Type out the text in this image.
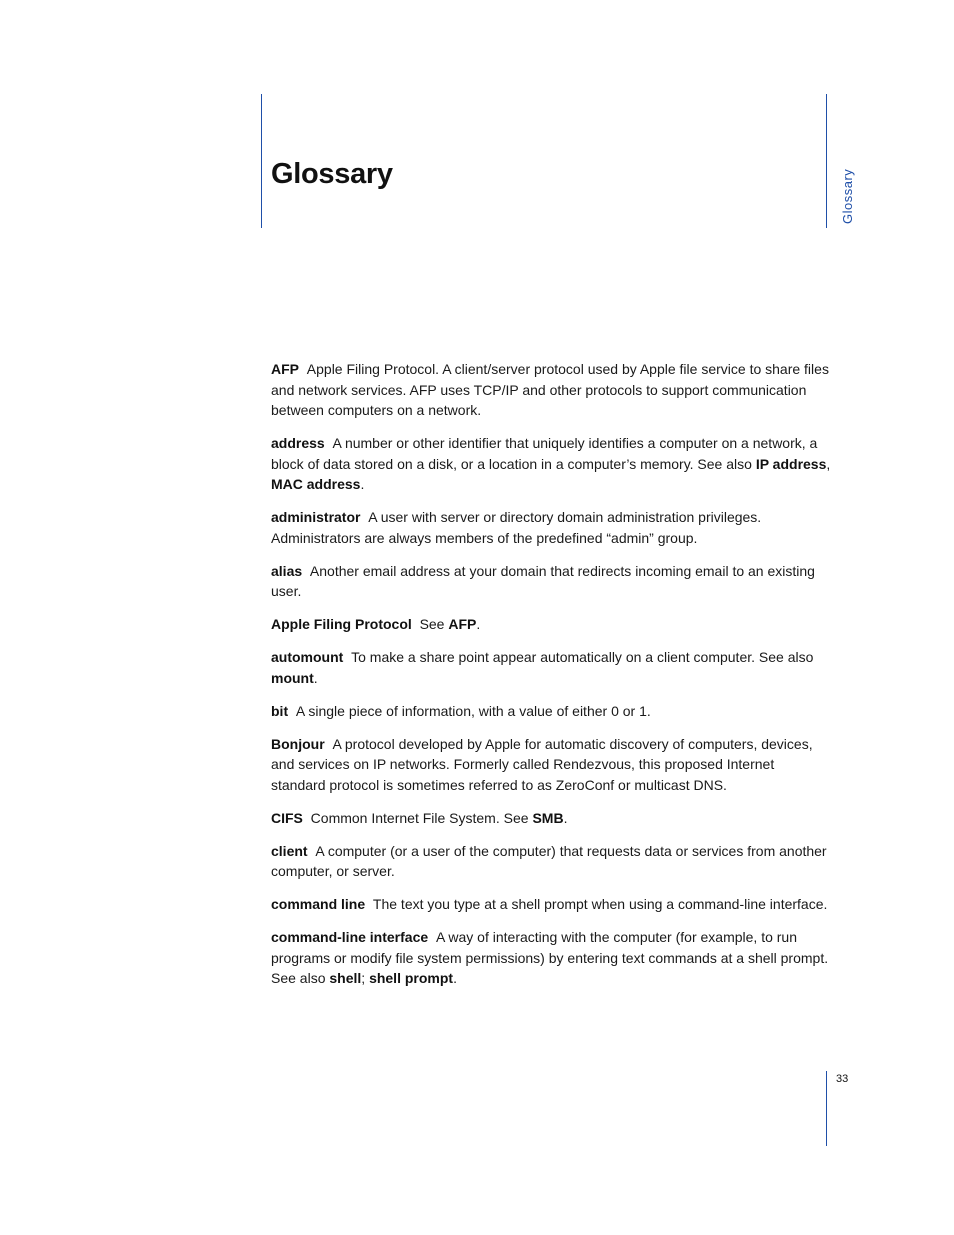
Glossary	Glossary
33

AFP Apple Filing Protocol. A client/server protocol used by Apple file service to share files and network services. AFP uses TCP/IP and other protocols to support communication between computers on a network.

address A number or other identifier that uniquely identifies a computer on a network, a block of data stored on a disk, or a location in a computer’s memory. See also IP address, MAC address.

administrator A user with server or directory domain administration privileges. Administrators are always members of the predefined “admin” group.

alias Another email address at your domain that redirects incoming email to an existing user.

Apple Filing Protocol See AFP.

automount To make a share point appear automatically on a client computer. See also mount.

bit A single piece of information, with a value of either 0 or 1.

Bonjour A protocol developed by Apple for automatic discovery of computers, devices, and services on IP networks. Formerly called Rendezvous, this proposed Internet standard protocol is sometimes referred to as ZeroConf or multicast DNS.

CIFS Common Internet File System. See SMB.

client A computer (or a user of the computer) that requests data or services from another computer, or server.

command line The text you type at a shell prompt when using a command-line interface.

command-line interface A way of interacting with the computer (for example, to run programs or modify file system permissions) by entering text commands at a shell prompt. See also shell; shell prompt.
